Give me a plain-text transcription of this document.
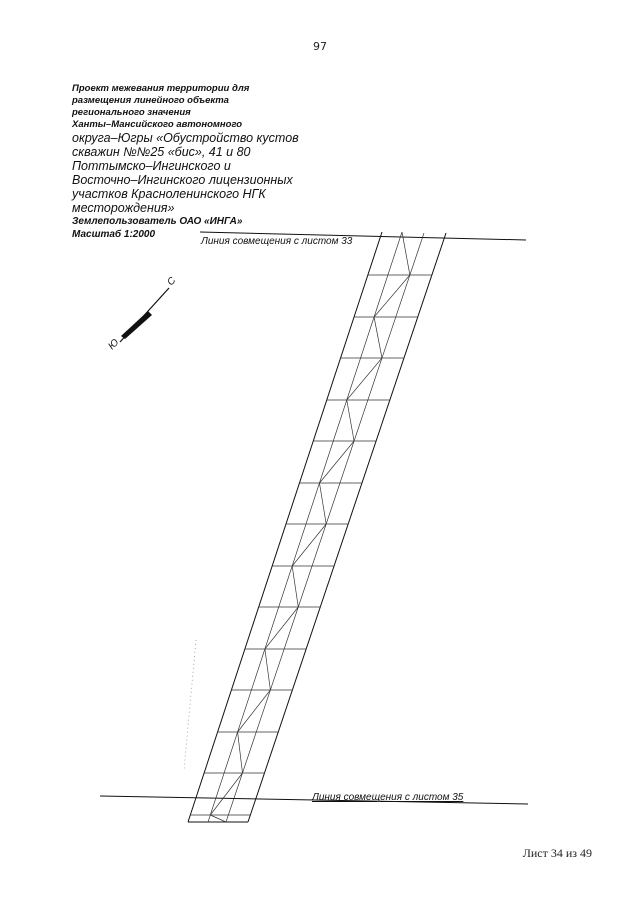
97
Проект межевания территории для
размещения линейного объекта
регионального значения
Ханты–Мансийского автономного
округа–Югры «Обустройство кустов
скважин №№25 «бис», 41 и 80
Поттымско–Ингинского и
Восточно–Ингинского лицензионных
участков Красноленинского НГК
месторождения»
Землепользователь ОАО «ИНГА»
Масштаб 1:2000
С
Ю
Линия совмещения с листом 33
Линия совмещения с листом 35
Лист 34 из 49
